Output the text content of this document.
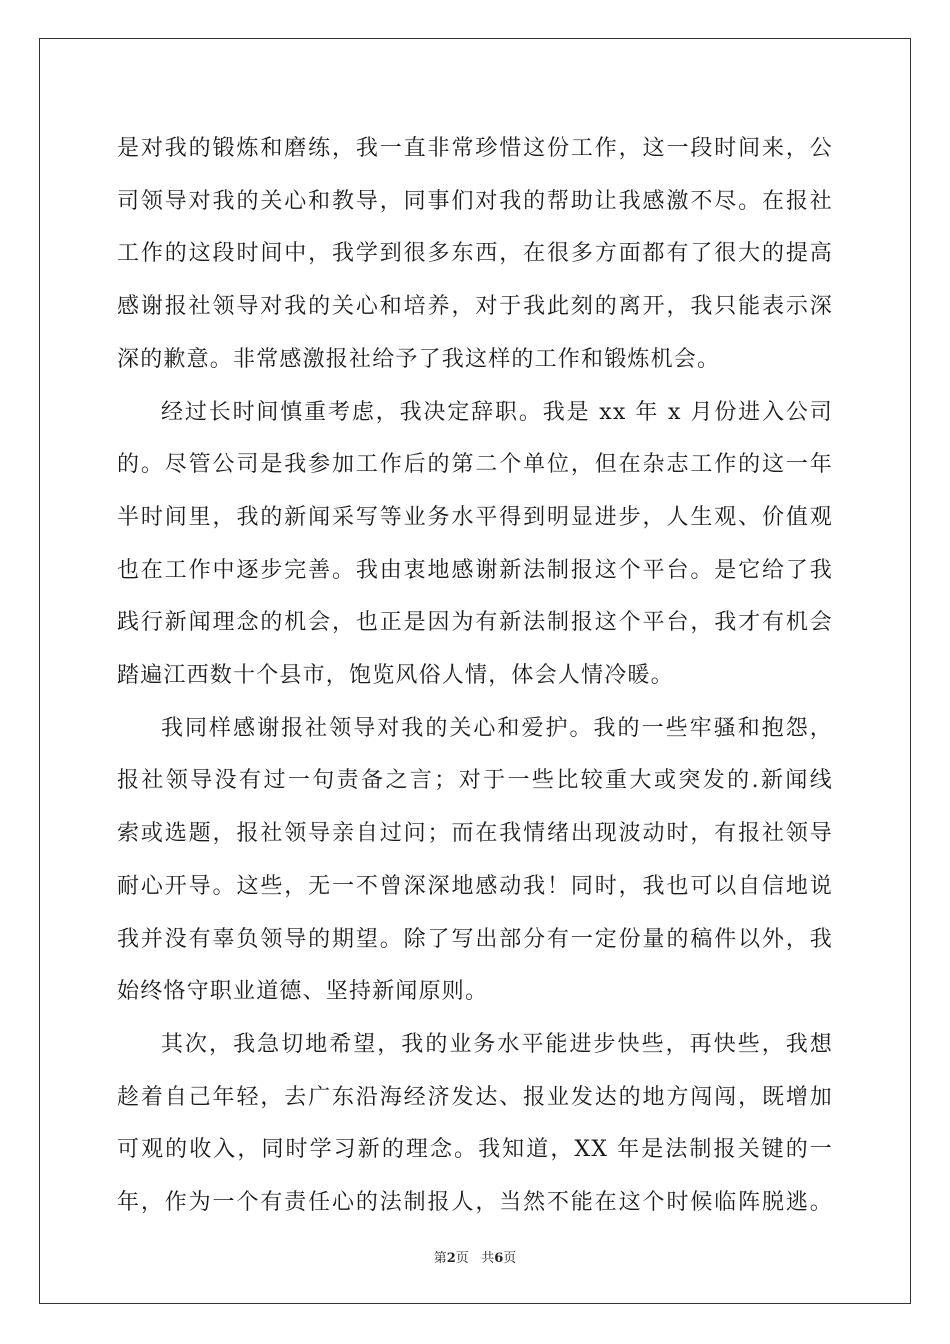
是对我的锻炼和磨练，我一直非常珍惜这份工作，这一段时间来，公
司领导对我的关心和教导，同事们对我的帮助让我感激不尽。在报社
工作的这段时间中，我学到很多东西，在很多方面都有了很大的提高
感谢报社领导对我的关心和培养，对于我此刻的离开，我只能表示深
深的歉意。非常感激报社给予了我这样的工作和锻炼机会。
经过长时间慎重考虑，我决定辞职。我是 xx 年 x 月份进入公司
的。尽管公司是我参加工作后的第二个单位，但在杂志工作的这一年
半时间里，我的新闻采写等业务水平得到明显进步，人生观、价值观
也在工作中逐步完善。我由衷地感谢新法制报这个平台。是它给了我
践行新闻理念的机会，也正是因为有新法制报这个平台，我才有机会
踏遍江西数十个县市，饱览风俗人情，体会人情冷暖。
我同样感谢报社领导对我的关心和爱护。我的一些牢骚和抱怨，
报社领导没有过一句责备之言；对于一些比较重大或突发的.新闻线
索或选题，报社领导亲自过问；而在我情绪出现波动时，有报社领导
耐心开导。这些，无一不曾深深地感动我！同时，我也可以自信地说
我并没有辜负领导的期望。除了写出部分有一定份量的稿件以外，我
始终恪守职业道德、坚持新闻原则。
其次，我急切地希望，我的业务水平能进步快些，再快些，我想
趁着自己年轻，去广东沿海经济发达、报业发达的地方闯闯，既增加
可观的收入，同时学习新的理念。我知道，XX 年是法制报关键的一
年，作为一个有责任心的法制报人，当然不能在这个时候临阵脱逃。
第2页 共6页
